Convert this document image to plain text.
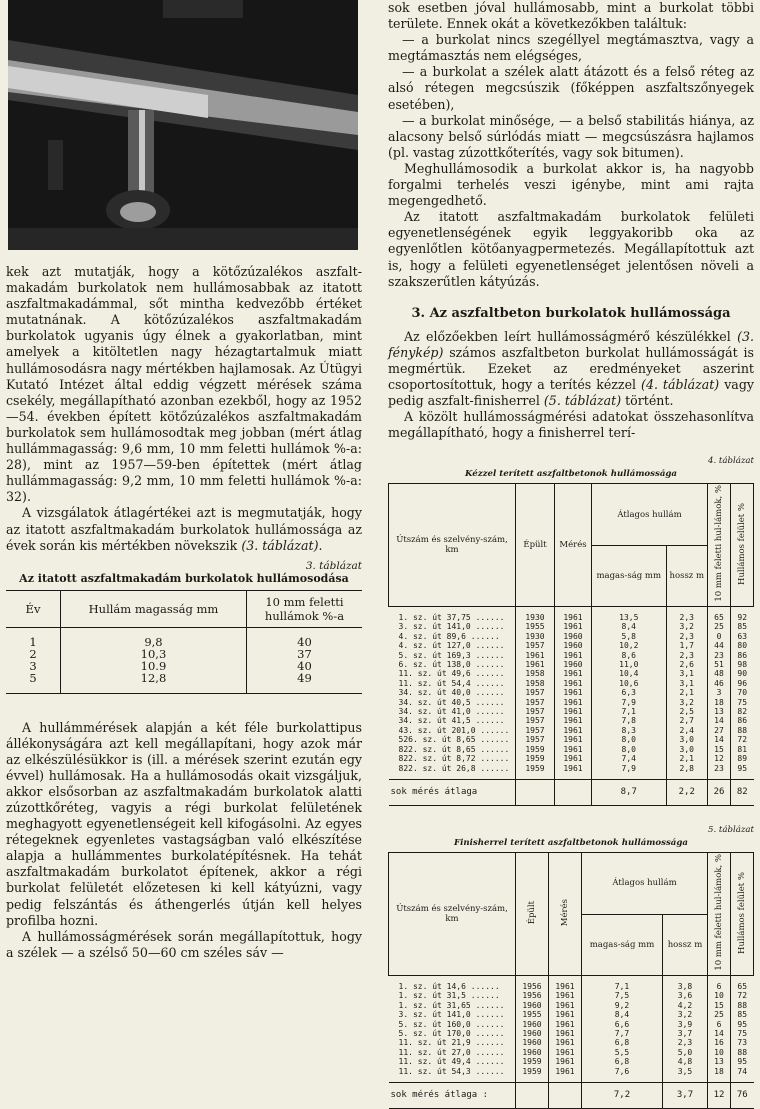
kek azt mutatják, hogy a kötőzúzalékos aszfaltmakadám burkolatok nem hullámosabbak az itatott aszfaltmakadámmal, sőt mintha kedvezőbb értéket mutatnának. A kötőzúzalékos aszfaltmakadám burkolatok ugyanis úgy élnek a gyakorlatban, mint amelyek a kitöltetlen nagy hézagtartalmuk miatt hullámosodásra nagy mértékben hajlamosak. Az Útügyi Kutató Intézet által eddig végzett mérések száma csekély, megállapítható azonban ezekből, hogy az 1952—54. években épített kötőzúzalékos aszfaltmakadám burkolatok sem hullámosodtak meg jobban (mért átlag hullámmagasság: 9,6 mm, 10 mm feletti hullámok %-a: 28), mint az 1957—59-ben építettek (mért átlag hullámmagasság: 9,2 mm, 10 mm feletti hullámok %-a: 32).

A vizsgálatok átlagértékei azt is megmutatják, hogy az itatott aszfaltmakadám burkolatok hullámossága az évek során kis mértékben növekszik (3. táblázat).

3. táblázat
Az itatott aszfaltmakadám burkolatok hullámosodása
Év	Hullám magasság mm	10 mm feletti
hullámok %-a

1	9,8	40
2	10,3	37
3	10.9	40
5	12,8	49

A hullámmérések alapján a két féle burkolattipus állékonyságára azt kell megállapítani, hogy azok már az elkészülésükkor is (ill. a mérések szerint ezután egy évvel) hullámosak. Ha a hullámosodás okait vizsgáljuk, akkor elsősorban az aszfaltmakadám burkolatok alatti zúzottkőréteg, vagyis a régi burkolat felületének meghagyott egyenetlenségeit kell kifogásolni. Az egyes rétegeknek egyenletes vastagságban való elkészítése alapja a hullámmentes burkolatépítésnek. Ha tehát aszfaltmakadám burkolatot építenek, akkor a régi burkolat felületét előzetesen ki kell kátyúzni, vagy pedig felszántás és áthengerlés útján kell helyes profilba hozni.

A hullámosságmérések során megállapítottuk, hogy a szélek — a szélső 50—60 cm széles sáv —

sok esetben jóval hullámosabb, mint a burkolat többi területe. Ennek okát a következőkben találtuk:

— a burkolat nincs szegéllyel megtámasztva, vagy a megtámasztás nem elégséges,

— a burkolat a szélek alatt átázott és a felső réteg az alsó rétegen megcsúszik (főképpen aszfaltszőnyegek esetében),

— a burkolat minősége, — a belső stabilitás hiánya, az alacsony belső súrlódás miatt — megcsúszásra hajlamos (pl. vastag zúzottkőterítés, vagy sok bitumen).

Meghullámosodik a burkolat akkor is, ha nagyobb forgalmi terhelés veszi igénybe, mint ami rajta megengedhető.

Az itatott aszfaltmakadám burkolatok felületi egyenetlenségének egyik leggyakoribb oka az egyenlőtlen kötőanyagpermetezés. Megállapítottuk azt is, hogy a felületi egyenetlenséget jelentősen növeli a szakszerűtlen kátyúzás.

3. Az aszfaltbeton burkolatok hullámossága

Az előzőekben leírt hullámosságmérő készülékkel (3. fénykép) számos aszfaltbeton burkolat hullámosságát is megmértük. Ezeket az eredményeket aszerint csoportosítottuk, hogy a terítés kézzel (4. táblázat) vagy pedig aszfalt-finisherrel (5. táblázat) történt.

A közölt hullámosságmérési adatokat összehasonlítva megállapítható, hogy a finisherrel terí-

4. táblázat
Kézzel terített aszfaltbetonok hullámossága
Útszám és szelvény-szám, km	Épült	Mérés	Átlagos hullám		10 mm feletti hul-lámok, %	Hullámos felület %
			magas-ság mm	hossz m		
1. sz. út 37,75 ......	1930	1961	13,5	2,3	65	92
3. sz. út 141,0 ......	1955	1961	8,4	3,2	25	85
4. sz. út 89,6 ......	1930	1960	5,8	2,3	0	63
4. sz. út 127,0 ......	1957	1960	10,2	1,7	44	80
5. sz. út 169,3 ......	1961	1961	8,6	2,3	23	86
6. sz. út 138,0 ......	1961	1960	11,0	2,6	51	98
11. sz. út 49,6 ......	1958	1961	10,4	3,1	48	90
11. sz. út 54,4 ......	1958	1961	10,6	3,1	46	96
34. sz. út 40,0 ......	1957	1961	6,3	2,1	3	70
34. sz. út 40,5 ......	1957	1961	7,9	3,2	18	75
34. sz. út 41,0 ......	1957	1961	7,1	2,5	13	82
34. sz. út 41,5 ......	1957	1961	7,8	2,7	14	86
43. sz. út 201,0 ......	1957	1961	8,3	2,4	27	88
526. sz. út 8,65 ......	1957	1961	8,0	3,0	14	72
822. sz. út 8,65 ......	1959	1961	8,0	3,0	15	81
822. sz. út 8,72 ......	1959	1961	7,4	2,1	12	89
822. sz. út 26,8 ......	1959	1961	7,9	2,8	23	95
sok mérés átlaga			8,7	2,2	26	82
5. táblázat
Finisherrel terített aszfaltbetonok hullámossága
Útszám és szelvény-szám, km	Épült	Mérés	Átlagos hullám		10 mm feletti hul-lámok, %	Hullámos felület %
			magas-ság mm	hossz m		
1. sz. út 14,6 ......	1956	1961	7,1	3,8	6	65
1. sz. út 31,5 ......	1956	1961	7,5	3,6	10	72
1. sz. út 31,65 ......	1960	1961	9,2	4,2	15	88
3. sz. út 141,0 ......	1955	1961	8,4	3,2	25	85
5. sz. út 160,0 ......	1960	1961	6,6	3,9	6	95
5. sz. út 170,0 ......	1960	1961	7,7	3,7	14	75
11. sz. út 21,9 ......	1960	1961	6,8	2,3	16	73
11. sz. út 27,0 ......	1960	1961	5,5	5,0	10	88
11. sz. út 49,4 ......	1959	1961	6,8	4,8	13	95
11. sz. út 54,3 ......	1959	1961	7,6	3,5	18	74
sok mérés átlaga :			7,2	3,7	12	76
